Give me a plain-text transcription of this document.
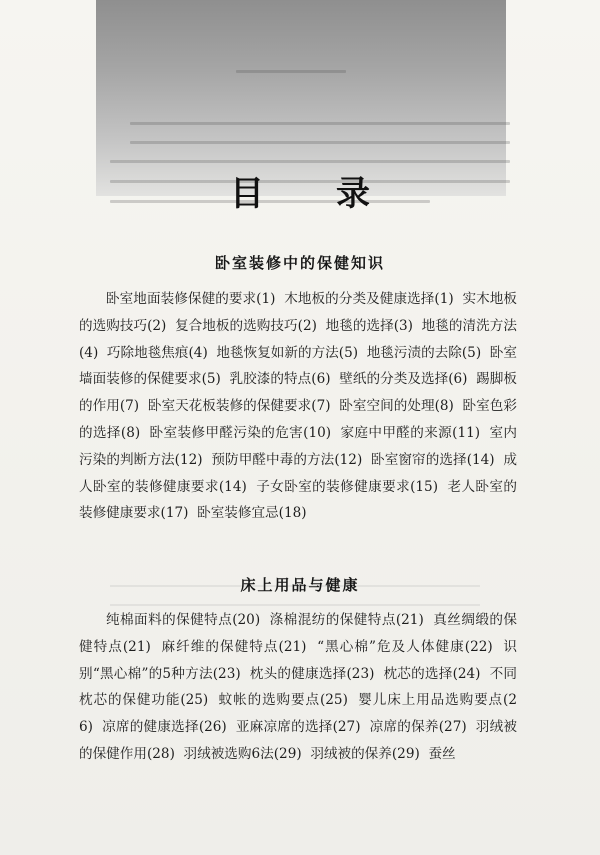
目 录
卧室装修中的保健知识

卧室地面装修保健的要求(1) 木地板的分类及健康选择(1) 实木地板的选购技巧(2) 复合地板的选购技巧(2) 地毯的选择(3) 地毯的清洗方法(4) 巧除地毯焦痕(4) 地毯恢复如新的方法(5) 地毯污渍的去除(5) 卧室墙面装修的保健要求(5) 乳胶漆的特点(6) 壁纸的分类及选择(6) 踢脚板的作用(7) 卧室天花板装修的保健要求(7) 卧室空间的处理(8) 卧室色彩的选择(8) 卧室装修甲醛污染的危害(10) 家庭中甲醛的来源(11) 室内污染的判断方法(12) 预防甲醛中毒的方法(12) 卧室窗帘的选择(14) 成人卧室的装修健康要求(14) 子女卧室的装修健康要求(15) 老人卧室的装修健康要求(17) 卧室装修宜忌(18)

床上用品与健康

纯棉面料的保健特点(20) 涤棉混纺的保健特点(21) 真丝绸缎的保健特点(21) 麻纤维的保健特点(21) “黑心棉”危及人体健康(22) 识别“黑心棉”的5种方法(23) 枕头的健康选择(23) 枕芯的选择(24) 不同枕芯的保健功能(25) 蚊帐的选购要点(25) 婴儿床上用品选购要点(26) 凉席的健康选择(26) 亚麻凉席的选择(27) 凉席的保养(27) 羽绒被的保健作用(28) 羽绒被选购6法(29) 羽绒被的保养(29) 蚕丝
